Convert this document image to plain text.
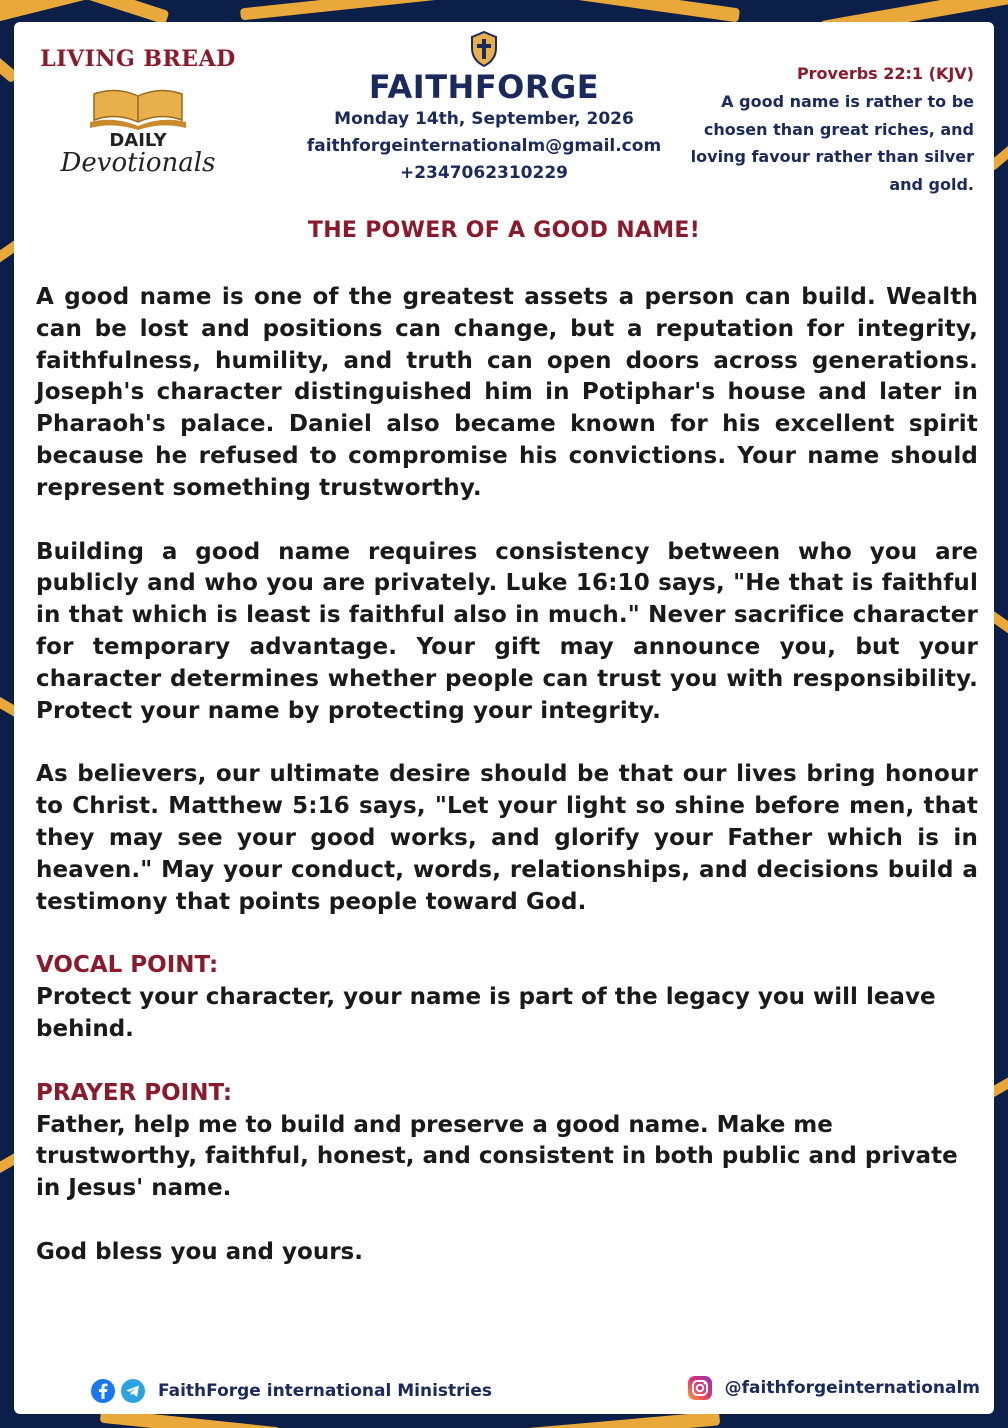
LIVING BREAD
DAILY
Devotionals
FAITHFORGE
Monday 14th, September, 2026
faithforgeinternationalm@gmail.com
+2347062310229
Proverbs 22:1 (KJV)
A good name is rather to be
chosen than great riches, and
loving favour rather than silver
and gold.
THE POWER OF A GOOD NAME!

A good name is one of the greatest assets a person can build. Wealth can be lost and positions can change, but a reputation for integrity, faithfulness, humility, and truth can open doors across generations. Joseph's character distinguished him in Potiphar's house and later in Pharaoh's palace. Daniel also became known for his excellent spirit because he refused to compromise his convictions. Your name should represent something trustworthy.

Building a good name requires consistency between who you are publicly and who you are privately. Luke 16:10 says, "He that is faithful in that which is least is faithful also in much." Never sacrifice character for temporary advantage. Your gift may announce you, but your character determines whether people can trust you with responsibility. Protect your name by protecting your integrity.

As believers, our ultimate desire should be that our lives bring honour to Christ. Matthew 5:16 says, "Let your light so shine before men, that they may see your good works, and glorify your Father which is in heaven." May your conduct, words, relationships, and decisions build a testimony that points people toward God.

VOCAL POINT:

Protect your character, your name is part of the legacy you will leave behind.

PRAYER POINT:

Father, help me to build and preserve a good name. Make me trustworthy, faithful, honest, and consistent in both public and private in Jesus' name.

God bless you and yours.

FaithForge international Ministries	@faithforgeinternationalm
